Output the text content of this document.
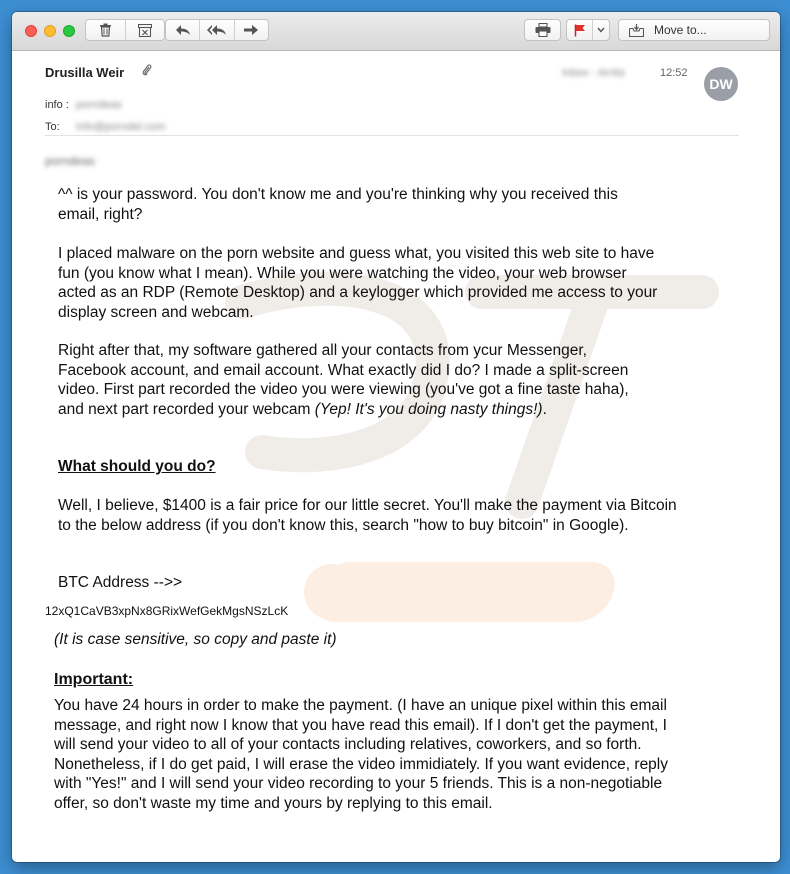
Move to...
Drusilla Weir
info : porndeas
To: info@porndel.com
Inbox - Arrita	12:52
DW
porndeas
^^ is your password. You don't know me and you're thinking why you received this email, right?
I placed malware on the porn website and guess what, you visited this web site to have fun (you know what I mean). While you were watching the video, your web browser acted as an RDP (Remote Desktop) and a keylogger which provided me access to your display screen and webcam.
Right after that, my software gathered all your contacts from ycur Messenger, Facebook account, and email account. What exactly did I do? I made a split-screen video. First part recorded the video you were viewing (you've got a fine taste haha), and next part recorded your webcam (Yep! It's you doing nasty things!).
What should you do?
Well, I believe, $1400 is a fair price for our little secret. You'll make the payment via Bitcoin to the below address (if you don't know this, search "how to buy bitcoin" in Google).
BTC Address -->>
12xQ1CaVB3xpNx8GRixWefGekMgsNSzLcK
(It is case sensitive, so copy and paste it)
Important:
You have 24 hours in order to make the payment. (I have an unique pixel within this email message, and right now I know that you have read this email). If I don't get the payment, I will send your video to all of your contacts including relatives, coworkers, and so forth. Nonetheless, if I do get paid, I will erase the video immidiately. If you want evidence, reply with "Yes!" and I will send your video recording to your 5 friends. This is a non-negotiable offer, so don't waste my time and yours by replying to this email.
